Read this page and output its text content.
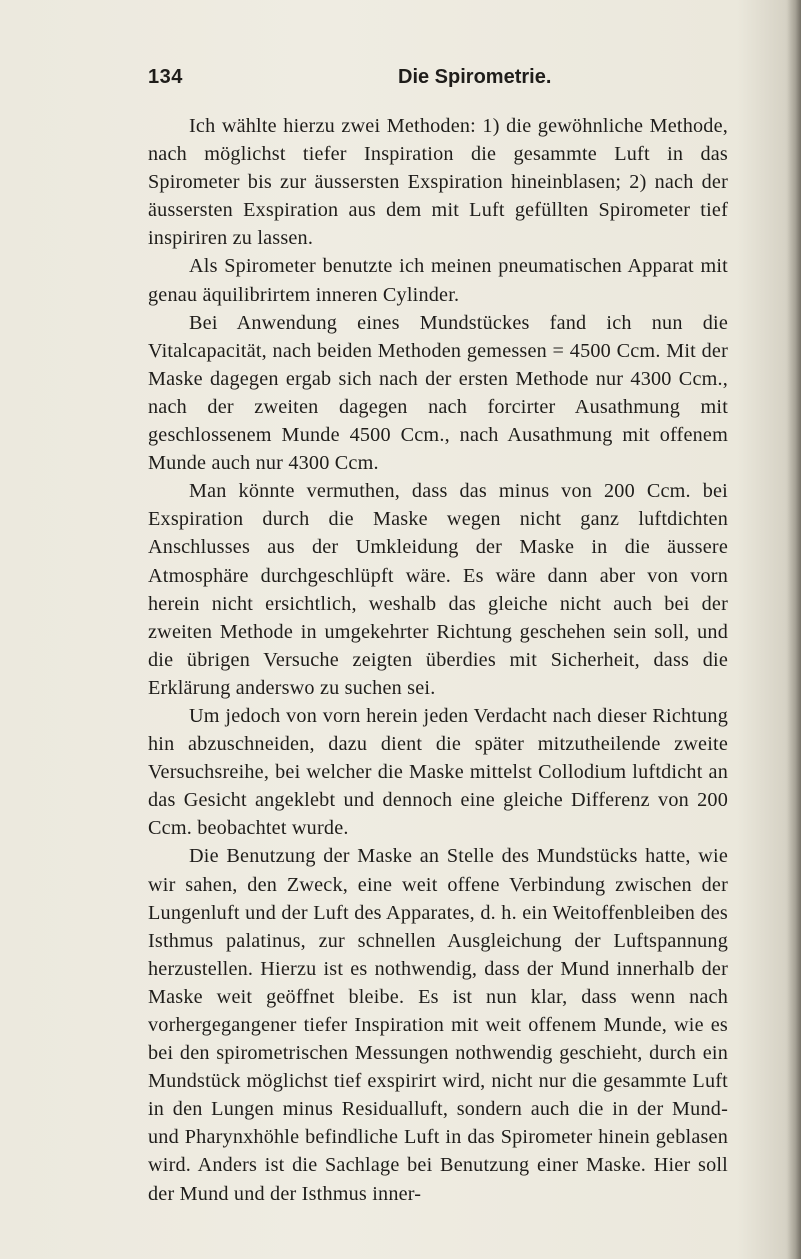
134	Die Spirometrie.

Ich wählte hierzu zwei Methoden: 1) die gewöhnliche Methode, nach möglichst tiefer Inspiration die gesammte Luft in das Spirometer bis zur äussersten Exspiration hineinblasen; 2) nach der äussersten Exspiration aus dem mit Luft gefüllten Spirometer tief inspiriren zu lassen.

Als Spirometer benutzte ich meinen pneumatischen Apparat mit genau äquilibrirtem inneren Cylinder.

Bei Anwendung eines Mundstückes fand ich nun die Vitalcapacität, nach beiden Methoden gemessen = 4500 Ccm. Mit der Maske dagegen ergab sich nach der ersten Methode nur 4300 Ccm., nach der zweiten dagegen nach forcirter Ausathmung mit geschlossenem Munde 4500 Ccm., nach Ausathmung mit offenem Munde auch nur 4300 Ccm.

Man könnte vermuthen, dass das minus von 200 Ccm. bei Exspiration durch die Maske wegen nicht ganz luftdichten Anschlusses aus der Umkleidung der Maske in die äussere Atmosphäre durchgeschlüpft wäre. Es wäre dann aber von vorn herein nicht ersichtlich, weshalb das gleiche nicht auch bei der zweiten Methode in umgekehrter Richtung geschehen sein soll, und die übrigen Versuche zeigten überdies mit Sicherheit, dass die Erklärung anderswo zu suchen sei.

Um jedoch von vorn herein jeden Verdacht nach dieser Richtung hin abzuschneiden, dazu dient die später mitzutheilende zweite Versuchsreihe, bei welcher die Maske mittelst Collodium luftdicht an das Gesicht angeklebt und dennoch eine gleiche Differenz von 200 Ccm. beobachtet wurde.

Die Benutzung der Maske an Stelle des Mundstücks hatte, wie wir sahen, den Zweck, eine weit offene Verbindung zwischen der Lungenluft und der Luft des Apparates, d. h. ein Weitoffenbleiben des Isthmus palatinus, zur schnellen Ausgleichung der Luftspannung herzustellen. Hierzu ist es nothwendig, dass der Mund innerhalb der Maske weit geöffnet bleibe. Es ist nun klar, dass wenn nach vorhergegangener tiefer Inspiration mit weit offenem Munde, wie es bei den spirometrischen Messungen nothwendig geschieht, durch ein Mundstück möglichst tief exspirirt wird, nicht nur die gesammte Luft in den Lungen minus Residualluft, sondern auch die in der Mund- und Pharynxhöhle befindliche Luft in das Spirometer hinein geblasen wird. Anders ist die Sachlage bei Benutzung einer Maske. Hier soll der Mund und der Isthmus inner-
